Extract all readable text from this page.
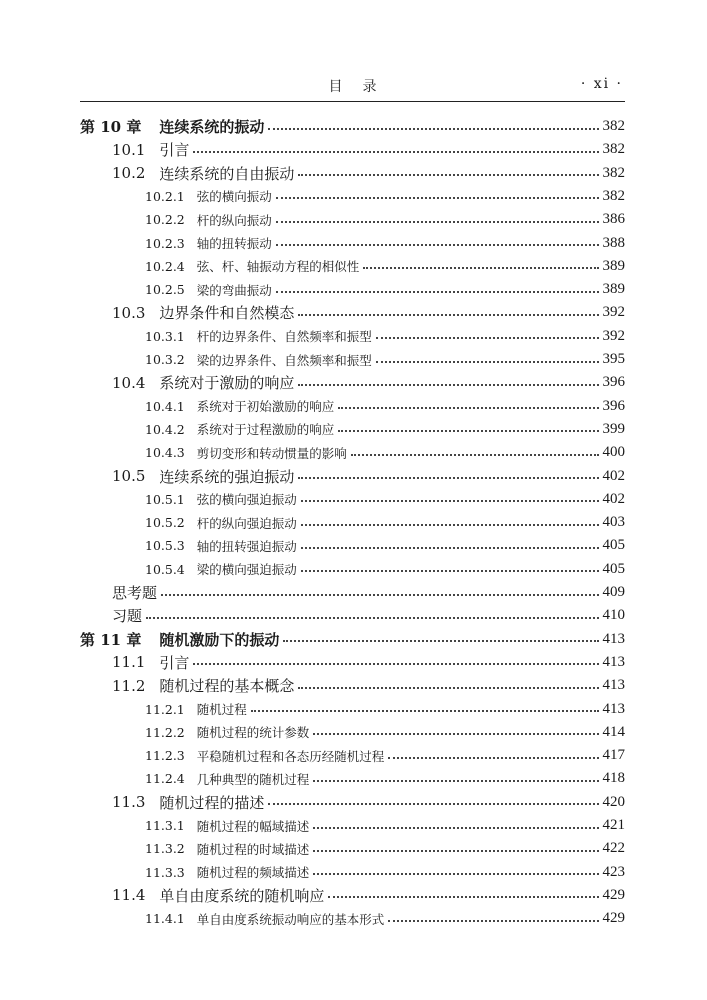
目录	· xi ·
第 10 章 连续系统的振动	382
10.1 引言	382
10.2 连续系统的自由振动	382
10.2.1 弦的横向振动	382
10.2.2 杆的纵向振动	386
10.2.3 轴的扭转振动	388
10.2.4 弦、杆、轴振动方程的相似性	389
10.2.5 梁的弯曲振动	389
10.3 边界条件和自然模态	392
10.3.1 杆的边界条件、自然频率和振型	392
10.3.2 梁的边界条件、自然频率和振型	395
10.4 系统对于激励的响应	396
10.4.1 系统对于初始激励的响应	396
10.4.2 系统对于过程激励的响应	399
10.4.3 剪切变形和转动惯量的影响	400
10.5 连续系统的强迫振动	402
10.5.1 弦的横向强迫振动	402
10.5.2 杆的纵向强迫振动	403
10.5.3 轴的扭转强迫振动	405
10.5.4 梁的横向强迫振动	405
思考题	409
习题	410
第 11 章 随机激励下的振动	413
11.1 引言	413
11.2 随机过程的基本概念	413
11.2.1 随机过程	413
11.2.2 随机过程的统计参数	414
11.2.3 平稳随机过程和各态历经随机过程	417
11.2.4 几种典型的随机过程	418
11.3 随机过程的描述	420
11.3.1 随机过程的幅域描述	421
11.3.2 随机过程的时域描述	422
11.3.3 随机过程的频域描述	423
11.4 单自由度系统的随机响应	429
11.4.1 单自由度系统振动响应的基本形式	429
